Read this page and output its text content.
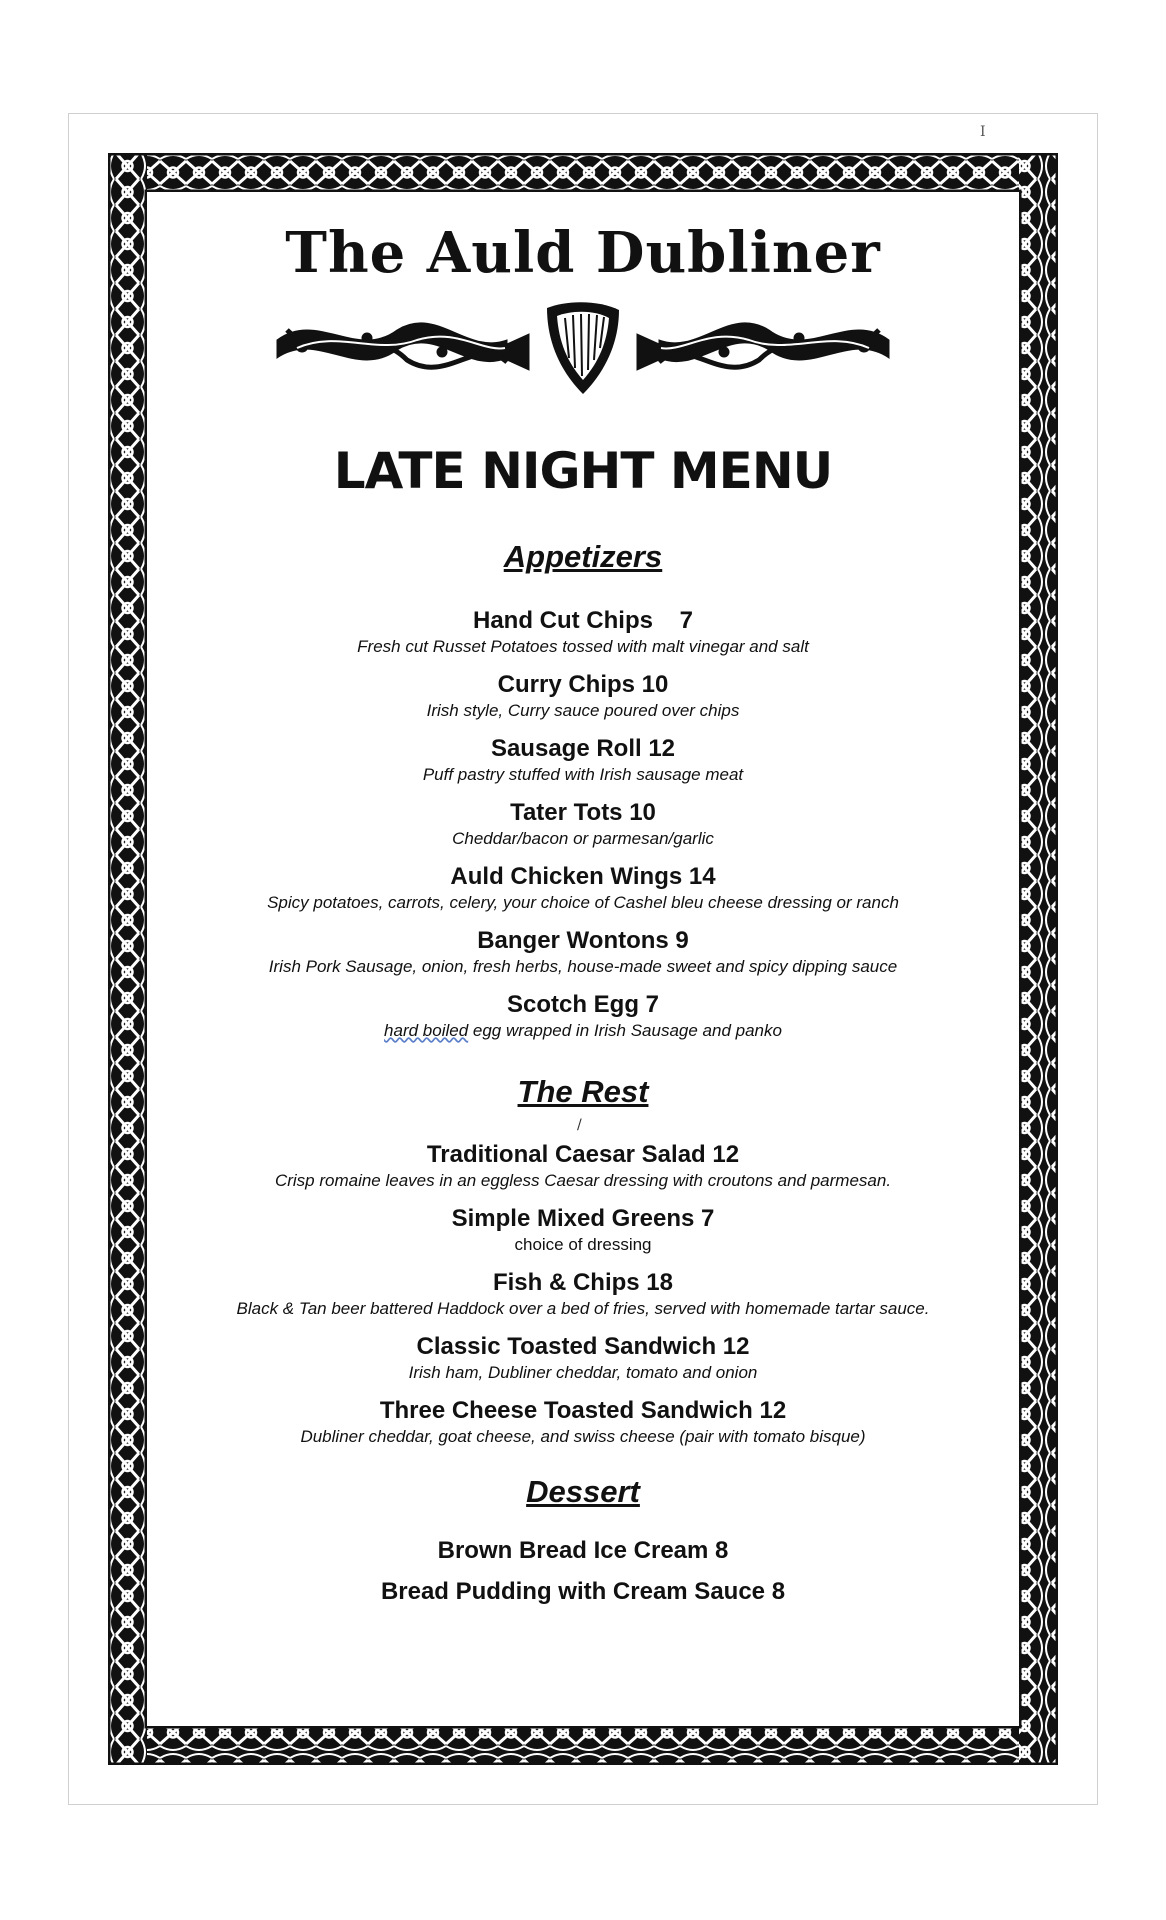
I
The Auld Dubliner
LATE NIGHT MENU
Appetizers
Hand Cut Chips    7
Fresh cut Russet Potatoes tossed with malt vinegar and salt
Curry Chips 10
Irish style, Curry sauce poured over chips
Sausage Roll 12
Puff pastry stuffed with Irish sausage meat
Tater Tots 10
Cheddar/bacon or parmesan/garlic
Auld Chicken Wings 14
Spicy potatoes, carrots, celery, your choice of Cashel bleu cheese dressing or ranch
Banger Wontons 9
Irish Pork Sausage, onion, fresh herbs, house-made sweet and spicy dipping sauce
Scotch Egg 7
hard boiled egg wrapped in Irish Sausage and panko
The Rest
/
Traditional Caesar Salad 12
Crisp romaine leaves in an eggless Caesar dressing with croutons and parmesan.
Simple Mixed Greens 7
choice of dressing
Fish & Chips 18
Black & Tan beer battered Haddock over a bed of fries, served with homemade tartar sauce.
Classic Toasted Sandwich 12
Irish ham, Dubliner cheddar, tomato and onion
Three Cheese Toasted Sandwich 12
Dubliner cheddar, goat cheese, and swiss cheese (pair with tomato bisque)
Dessert
Brown Bread Ice Cream 8
Bread Pudding with Cream Sauce 8
